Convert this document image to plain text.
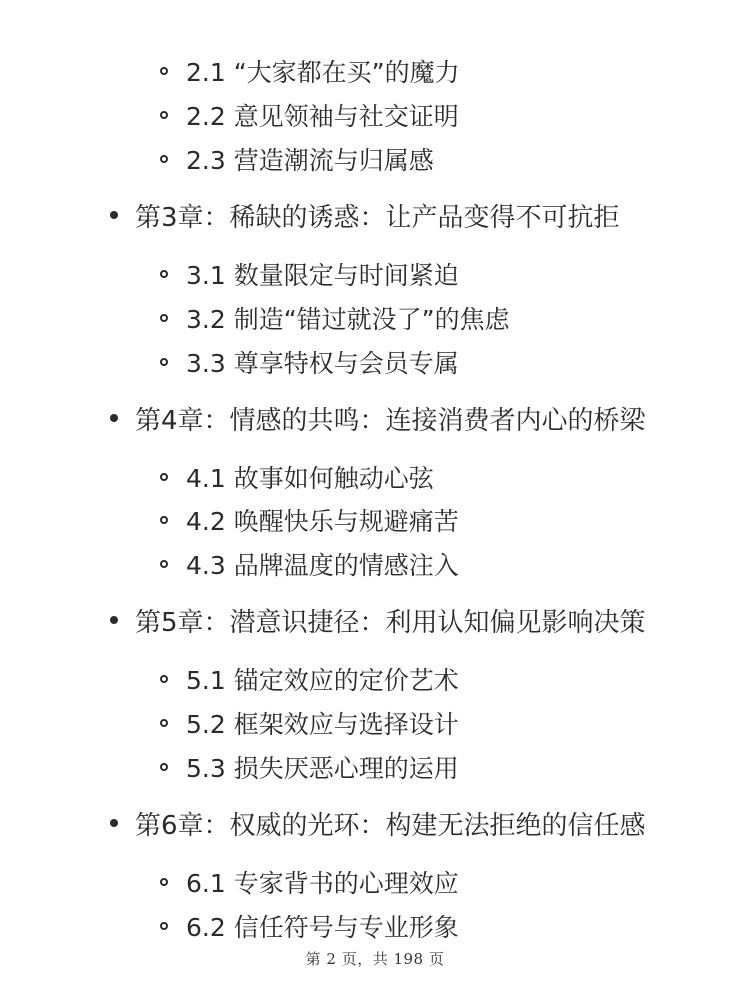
2.1 “大家都在买”的魔力
2.2 意见领袖与社交证明
2.3 营造潮流与归属感
第3章：稀缺的诱惑：让产品变得不可抗拒
3.1 数量限定与时间紧迫
3.2 制造“错过就没了”的焦虑
3.3 尊享特权与会员专属
第4章：情感的共鸣：连接消费者内心的桥梁
4.1 故事如何触动心弦
4.2 唤醒快乐与规避痛苦
4.3 品牌温度的情感注入
第5章：潜意识捷径：利用认知偏见影响决策
5.1 锚定效应的定价艺术
5.2 框架效应与选择设计
5.3 损失厌恶心理的运用
第6章：权威的光环：构建无法拒绝的信任感
6.1 专家背书的心理效应
6.2 信任符号与专业形象
第 2 页，共 198 页
